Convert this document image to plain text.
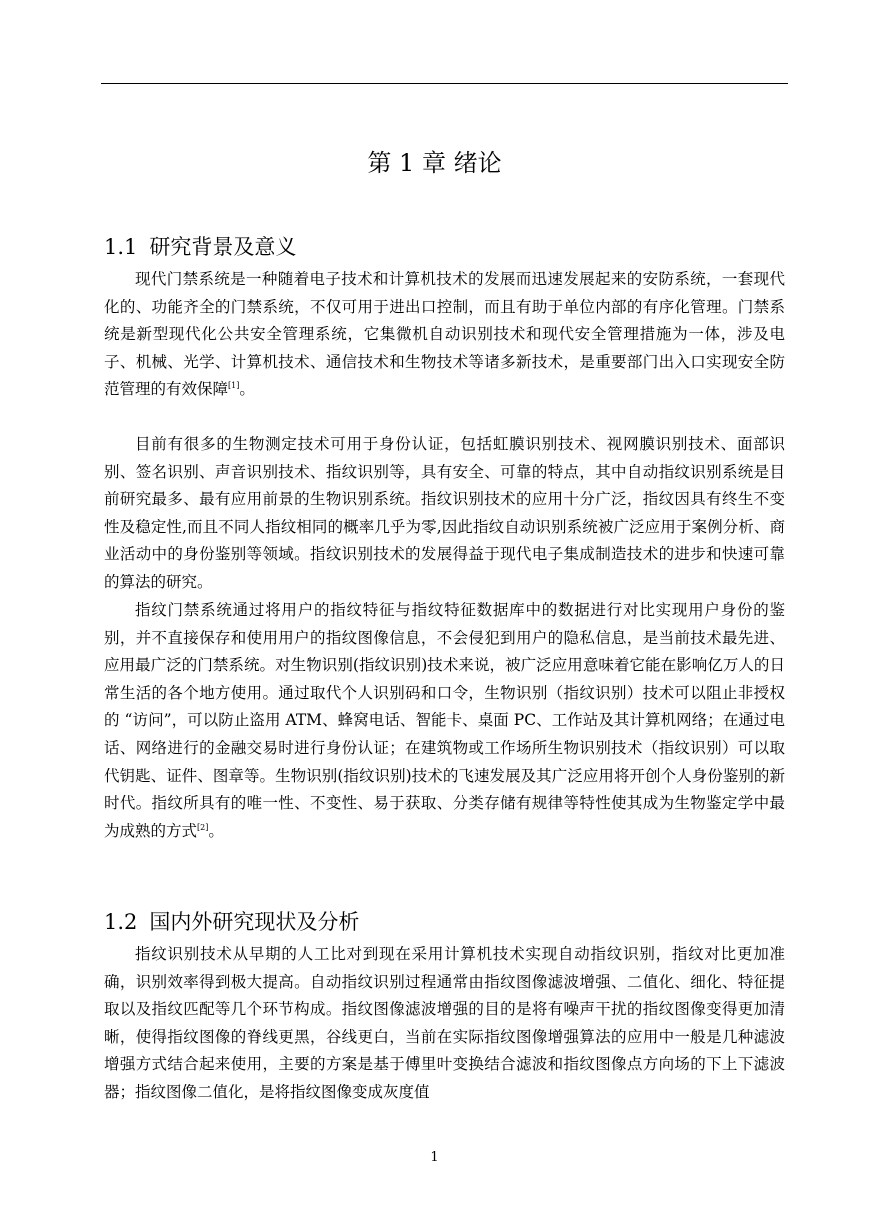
第 1 章 绪论
1.1 研究背景及意义

现代门禁系统是一种随着电子技术和计算机技术的发展而迅速发展起来的安防系统，一套现代化的、功能齐全的门禁系统，不仅可用于进出口控制，而且有助于单位内部的有序化管理。门禁系统是新型现代化公共安全管理系统，它集微机自动识别技术和现代安全管理措施为一体，涉及电子、机械、光学、计算机技术、通信技术和生物技术等诸多新技术，是重要部门出入口实现安全防范管理的有效保障[1]。

目前有很多的生物测定技术可用于身份认证，包括虹膜识别技术、视网膜识别技术、面部识别、签名识别、声音识别技术、指纹识别等，具有安全、可靠的特点，其中自动指纹识别系统是目前研究最多、最有应用前景的生物识别系统。指纹识别技术的应用十分广泛，指纹因具有终生不变性及稳定性,而且不同人指纹相同的概率几乎为零,因此指纹自动识别系统被广泛应用于案例分析、商业活动中的身份鉴别等领域。指纹识别技术的发展得益于现代电子集成制造技术的进步和快速可靠的算法的研究。

指纹门禁系统通过将用户的指纹特征与指纹特征数据库中的数据进行对比实现用户身份的鉴别，并不直接保存和使用用户的指纹图像信息，不会侵犯到用户的隐私信息，是当前技术最先进、应用最广泛的门禁系统。对生物识别(指纹识别)技术来说，被广泛应用意味着它能在影响亿万人的日常生活的各个地方使用。通过取代个人识别码和口令，生物识别（指纹识别）技术可以阻止非授权的 “访问”，可以防止盗用 ATM、蜂窝电话、智能卡、桌面 PC、工作站及其计算机网络；在通过电话、网络进行的金融交易时进行身份认证；在建筑物或工作场所生物识别技术（指纹识别）可以取代钥匙、证件、图章等。生物识别(指纹识别)技术的飞速发展及其广泛应用将开创个人身份鉴别的新时代。指纹所具有的唯一性、不变性、易于获取、分类存储有规律等特性使其成为生物鉴定学中最为成熟的方式[2]。

1.2 国内外研究现状及分析

指纹识别技术从早期的人工比对到现在采用计算机技术实现自动指纹识别，指纹对比更加准确，识别效率得到极大提高。自动指纹识别过程通常由指纹图像滤波增强、二值化、细化、特征提取以及指纹匹配等几个环节构成。指纹图像滤波增强的目的是将有噪声干扰的指纹图像变得更加清晰，使得指纹图像的脊线更黑，谷线更白，当前在实际指纹图像增强算法的应用中一般是几种滤波增强方式结合起来使用，主要的方案是基于傅里叶变换结合滤波和指纹图像点方向场的下上下滤波器；指纹图像二值化，是将指纹图像变成灰度值

1
